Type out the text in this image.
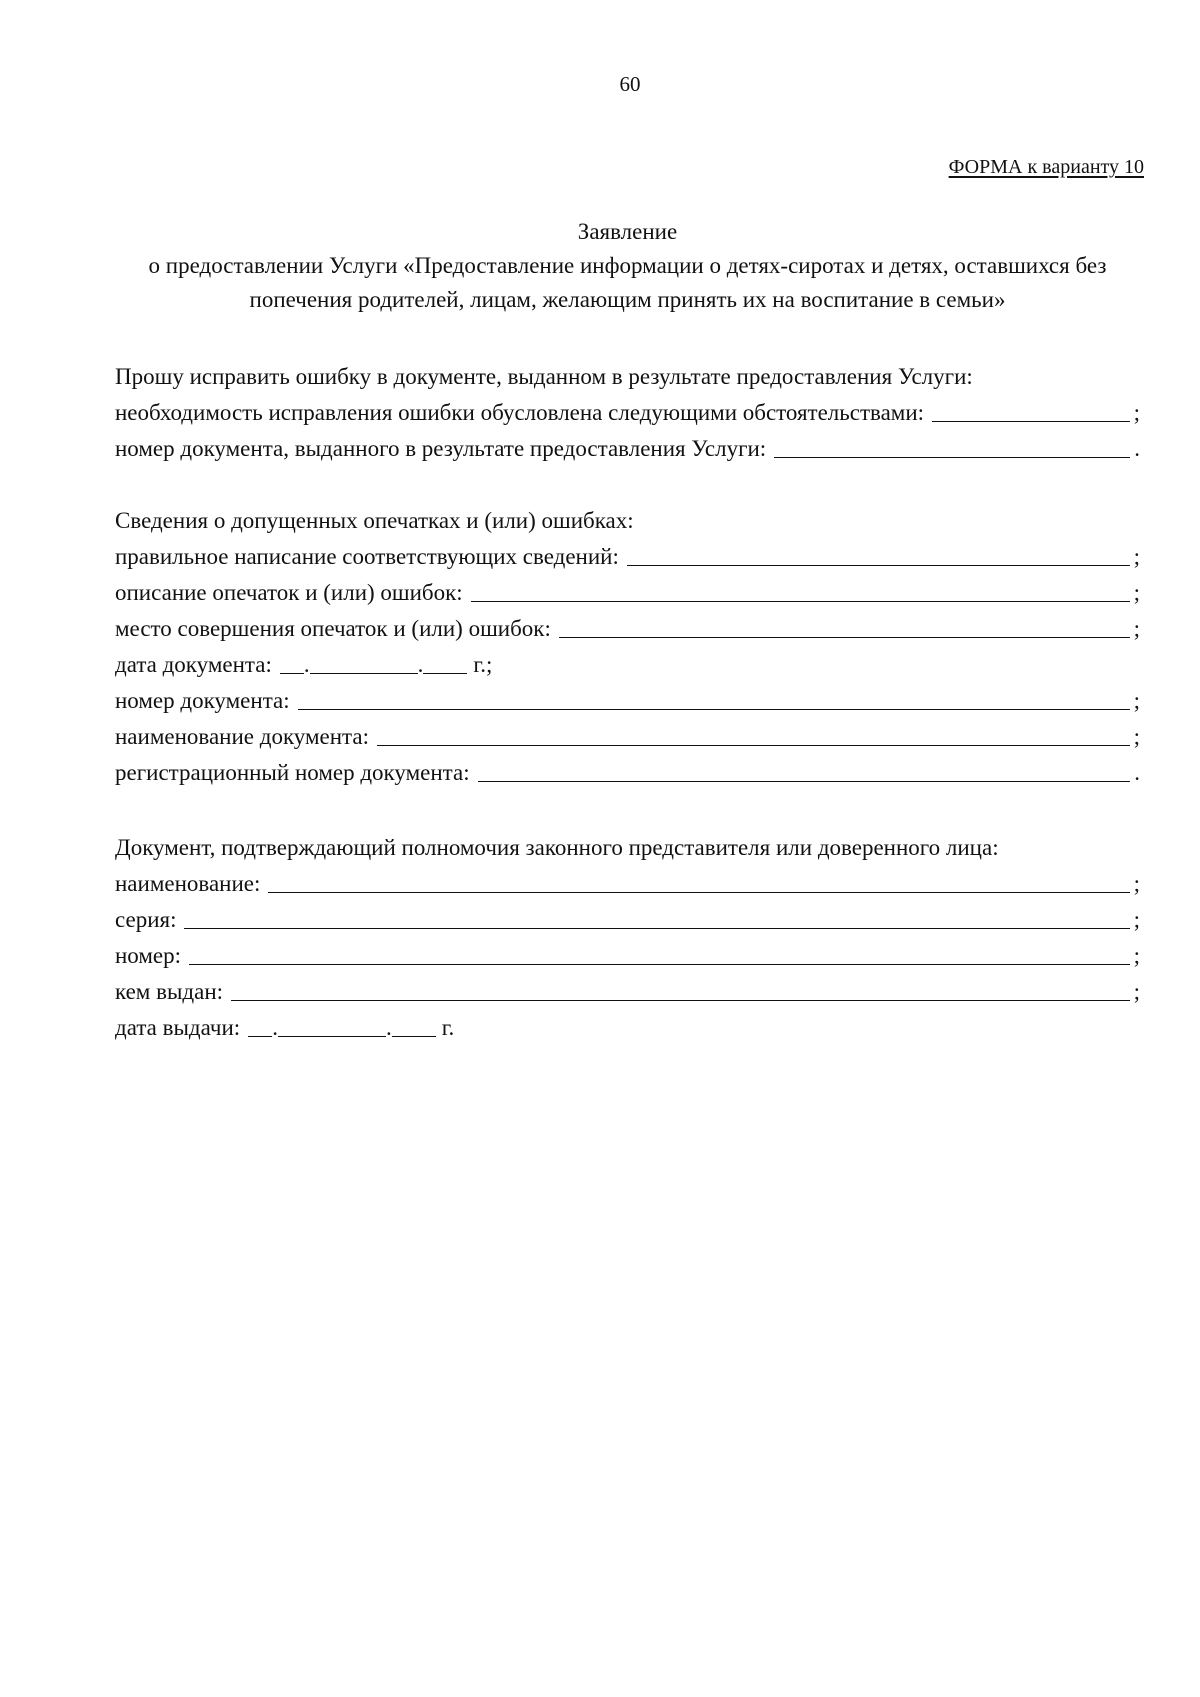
60
ФОРМА к варианту 10
Заявление
о предоставлении Услуги «Предоставление информации о детях-сиротах и детях, оставшихся без попечения родителей, лицам, желающим принять их на воспитание в семьи»
Прошу исправить ошибку в документе, выданном в результате предоставления Услуги:
необходимость исправления ошибки обусловлена следующими обстоятельствами:	;
номер документа, выданного в результате предоставления Услуги:	.
Сведения о допущенных опечатках и (или) ошибках:
правильное написание соответствующих сведений:	;
описание опечаток и (или) ошибок:	;
место совершения опечаток и (или) ошибок:	;
дата документа: .	. г.;
номер документа:	;
наименование документа:	;
регистрационный номер документа:	.
Документ, подтверждающий полномочия законного представителя или доверенного лица:
наименование:	;
серия:	;
номер:	;
кем выдан:	;
дата выдачи: .	. г.
